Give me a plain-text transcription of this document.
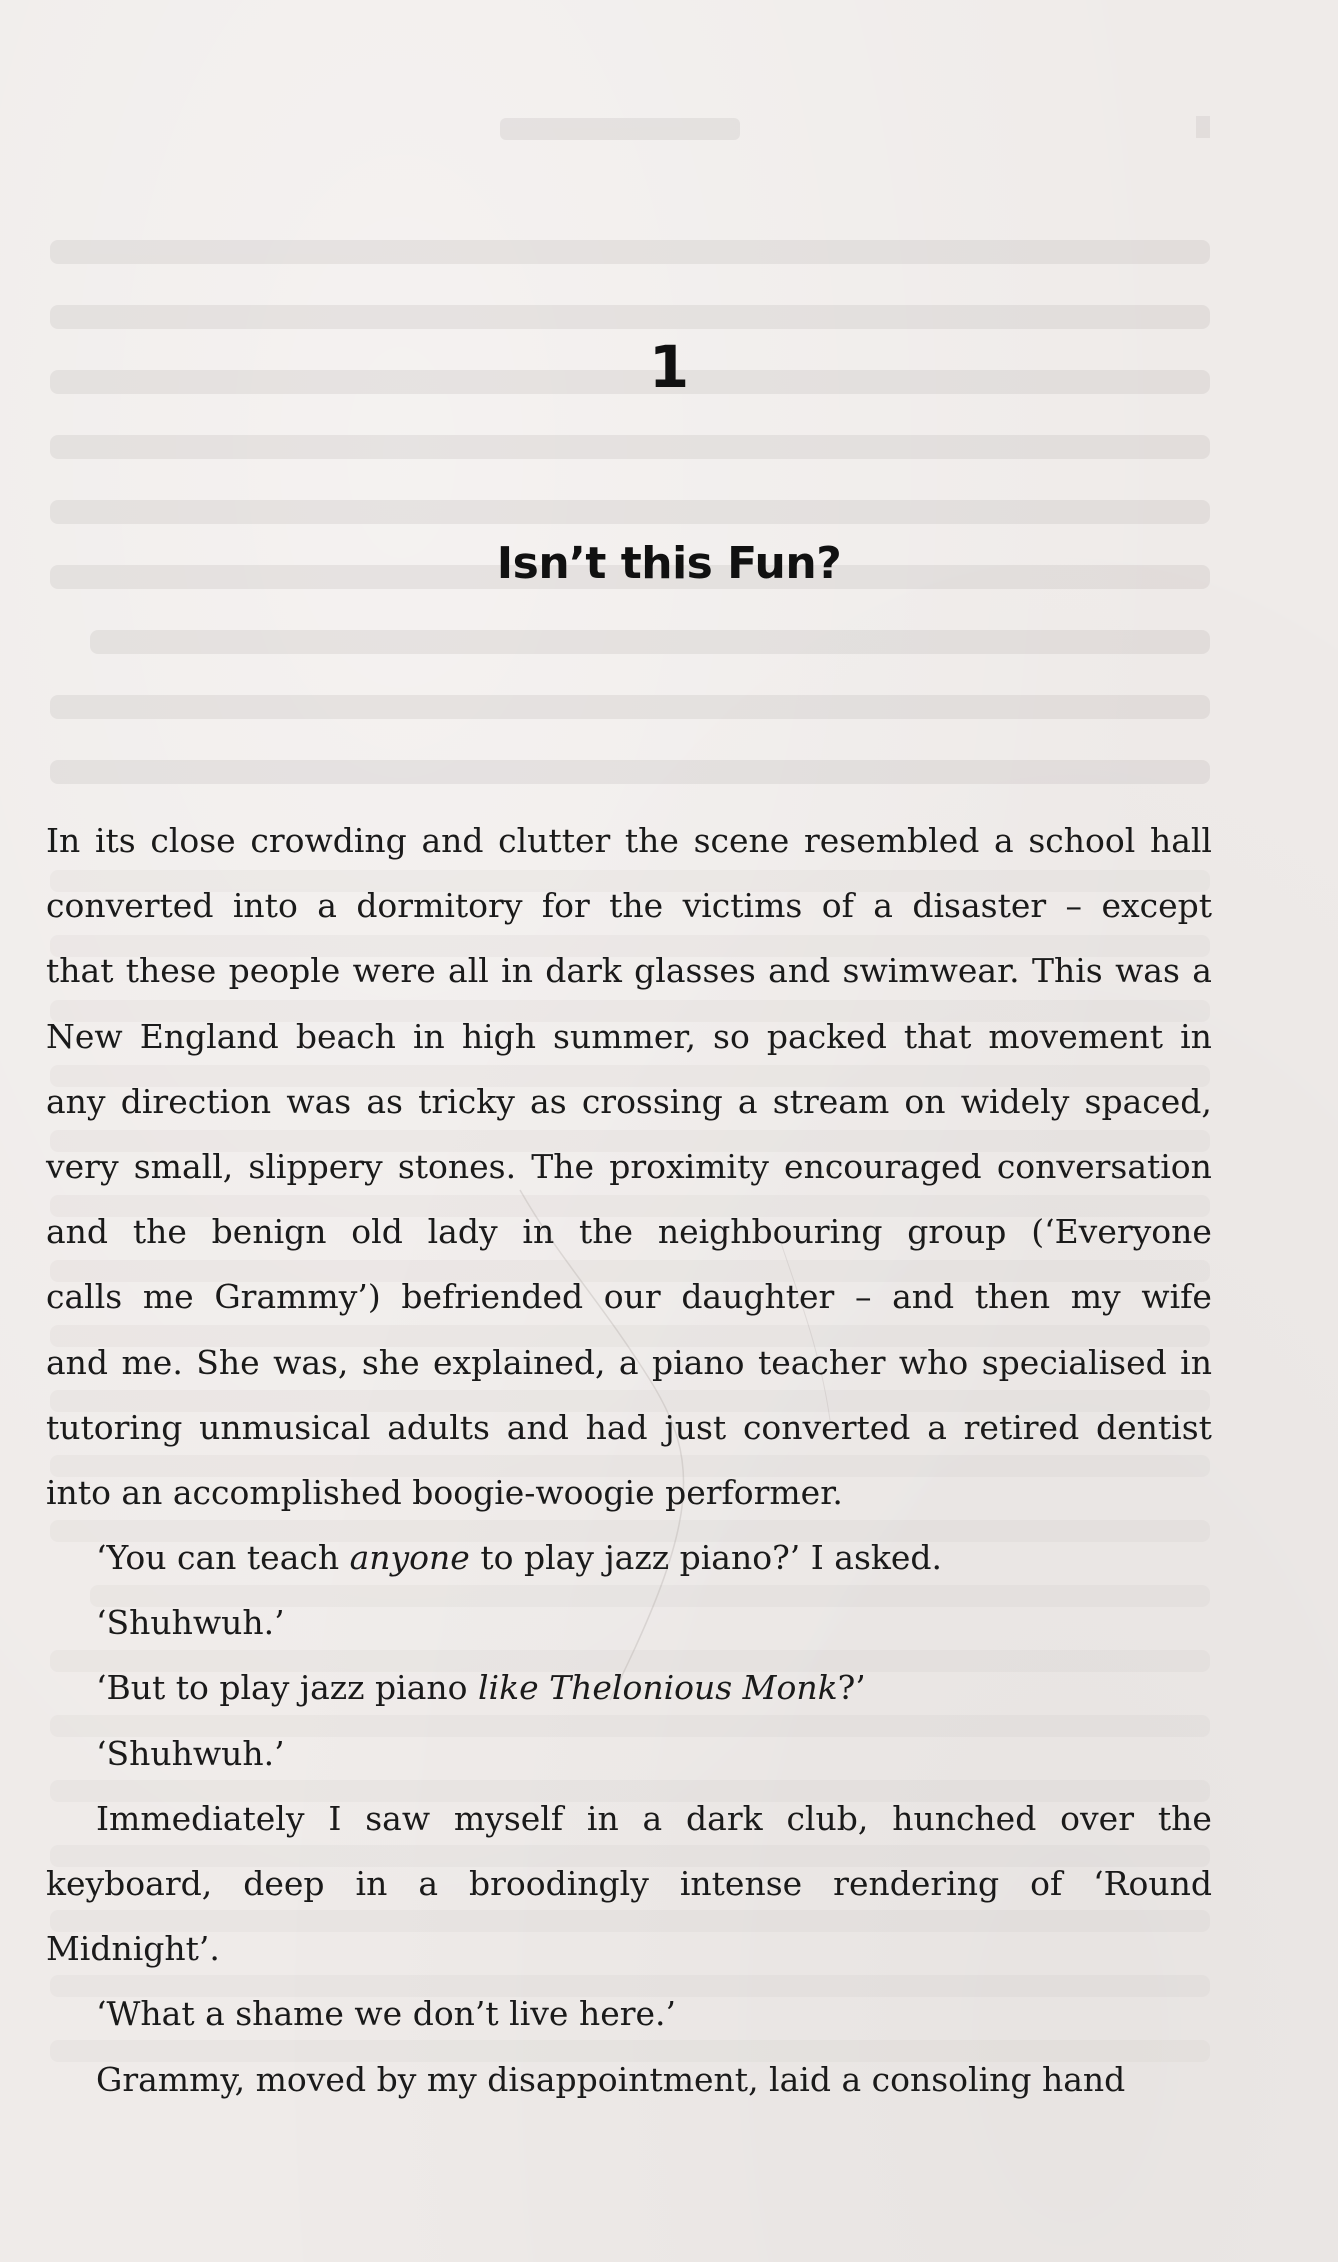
1
Isn’t this Fun?
In its close crowding and clutter the scene resembled a school hall
converted into a dormitory for the victims of a disaster – except
that these people were all in dark glasses and swimwear. This was a
New England beach in high summer, so packed that movement in
any direction was as tricky as crossing a stream on widely spaced,
very small, slippery stones. The proximity encouraged conversation
and the benign old lady in the neighbouring group (‘Everyone
calls me Grammy’) befriended our daughter – and then my wife
and me. She was, she explained, a piano teacher who specialised in
tutoring unmusical adults and had just converted a retired dentist
into an accomplished boogie-woogie performer.
‘You can teach anyone to play jazz piano?’ I asked.
‘Shuhwuh.’
‘But to play jazz piano like Thelonious Monk?’
‘Shuhwuh.’
Immediately I saw myself in a dark club, hunched over the
keyboard, deep in a broodingly intense rendering of ‘Round
Midnight’.
‘What a shame we don’t live here.’
Grammy, moved by my disappointment, laid a consoling hand
